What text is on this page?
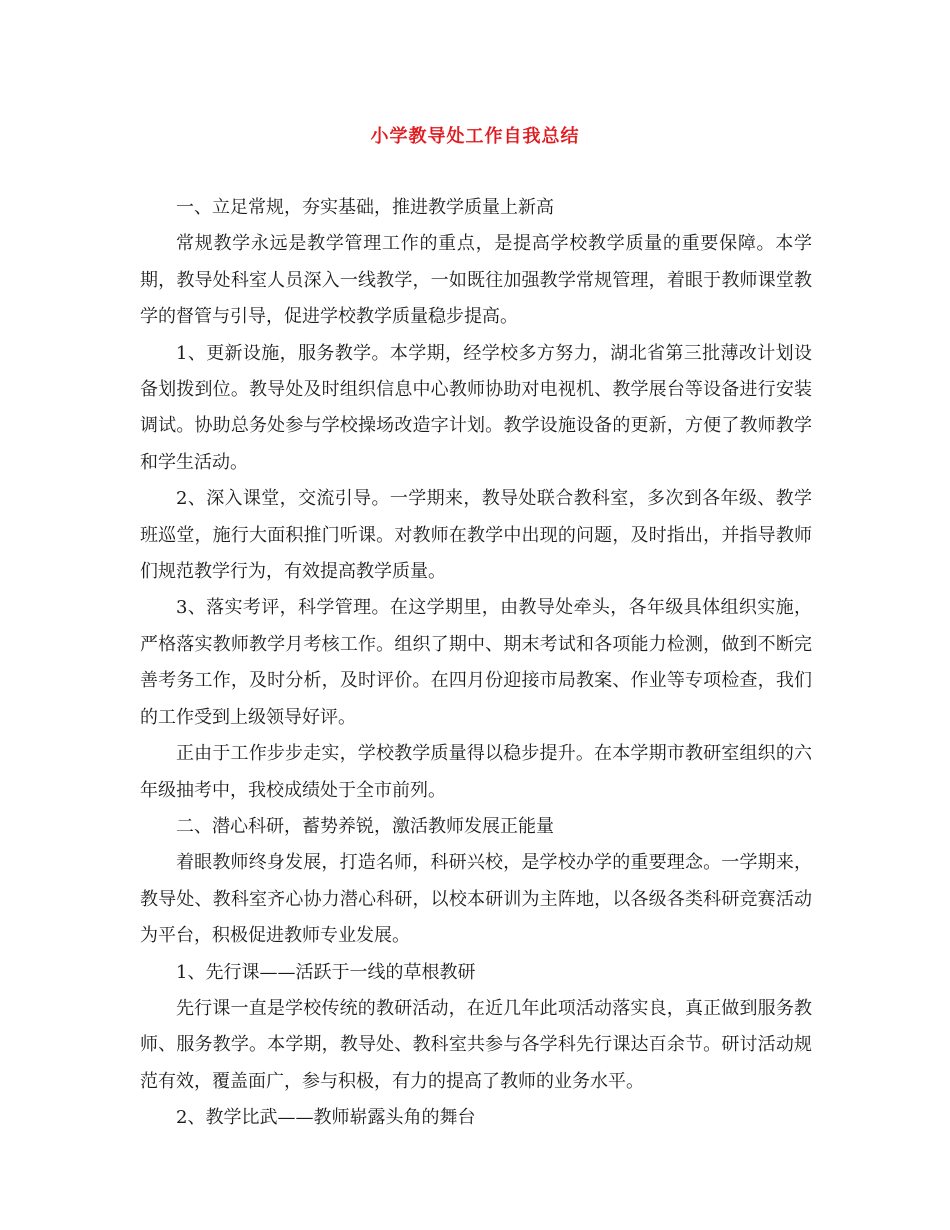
小学教导处工作自我总结

一、立足常规，夯实基础，推进教学质量上新高

常规教学永远是教学管理工作的重点，是提高学校教学质量的重要保障。本学期，教导处科室人员深入一线教学，一如既往加强教学常规管理，着眼于教师课堂教学的督管与引导，促进学校教学质量稳步提高。

1、更新设施，服务教学。本学期，经学校多方努力，湖北省第三批薄改计划设备划拨到位。教导处及时组织信息中心教师协助对电视机、教学展台等设备进行安装调试。协助总务处参与学校操场改造字计划。教学设施设备的更新，方便了教师教学和学生活动。

2、深入课堂，交流引导。一学期来，教导处联合教科室，多次到各年级、教学班巡堂，施行大面积推门听课。对教师在教学中出现的问题，及时指出，并指导教师们规范教学行为，有效提高教学质量。

3、落实考评，科学管理。在这学期里，由教导处牵头，各年级具体组织实施，严格落实教师教学月考核工作。组织了期中、期末考试和各项能力检测，做到不断完善考务工作，及时分析，及时评价。在四月份迎接市局教案、作业等专项检查，我们的工作受到上级领导好评。

正由于工作步步走实，学校教学质量得以稳步提升。在本学期市教研室组织的六年级抽考中，我校成绩处于全市前列。

二、潜心科研，蓄势养锐，激活教师发展正能量

着眼教师终身发展，打造名师，科研兴校，是学校办学的重要理念。一学期来，教导处、教科室齐心协力潜心科研，以校本研训为主阵地，以各级各类科研竞赛活动为平台，积极促进教师专业发展。

1、先行课——活跃于一线的草根教研

先行课一直是学校传统的教研活动，在近几年此项活动落实良，真正做到服务教师、服务教学。本学期，教导处、教科室共参与各学科先行课达百余节。研讨活动规范有效，覆盖面广，参与积极，有力的提高了教师的业务水平。

2、教学比武——教师崭露头角的舞台
